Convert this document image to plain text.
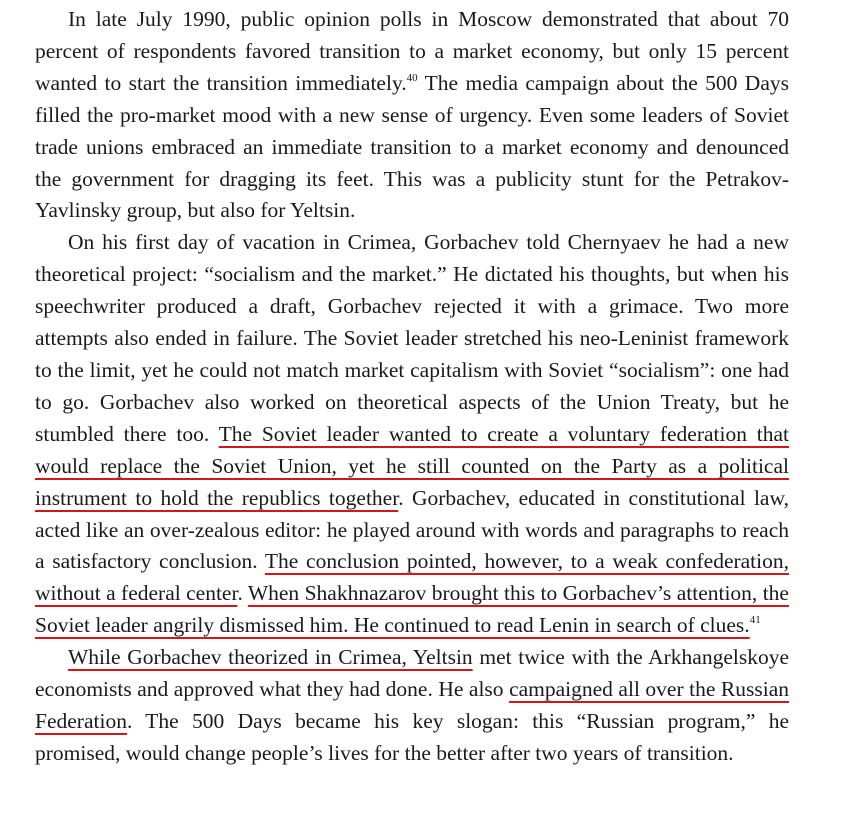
In late July 1990, public opinion polls in Moscow demonstrated that about 70 percent of respondents favored transition to a market economy, but only 15 percent wanted to start the transition immediately.$^{40}$ The media campaign about the 500 Days filled the pro-market mood with a new sense of urgency. Even some leaders of Soviet trade unions embraced an immediate transition to a market economy and denounced the government for dragging its feet. This was a publicity stunt for the Petrakov-Yavlinsky group, but also for Yeltsin.

On his first day of vacation in Crimea, Gorbachev told Chernyaev he had a new theoretical project: “socialism and the market.” He dictated his thoughts, but when his speechwriter produced a draft, Gorbachev rejected it with a grimace. Two more attempts also ended in failure. The Soviet leader stretched his neo-Leninist framework to the limit, yet he could not match market capitalism with Soviet “socialism”: one had to go. Gorbachev also worked on theoretical aspects of the Union Treaty, but he stumbled there too. The Soviet leader wanted to create a voluntary federation that would replace the Soviet Union, yet he still counted on the Party as a political instrument to hold the republics together. Gorbachev, educated in constitutional law, acted like an over-zealous editor: he played around with words and paragraphs to reach a satisfactory conclusion. The conclusion pointed, however, to a weak confederation, without a federal center. When Shakhnazarov brought this to Gorbachev’s attention, the Soviet leader angrily dismissed him. He continued to read Lenin in search of clues.$^{41}$

While Gorbachev theorized in Crimea, Yeltsin met twice with the Arkhangelskoye economists and approved what they had done. He also campaigned all over the Russian Federation. The 500 Days became his key slogan: this “Russian program,” he promised, would change people’s lives for the better after two years of transition.
